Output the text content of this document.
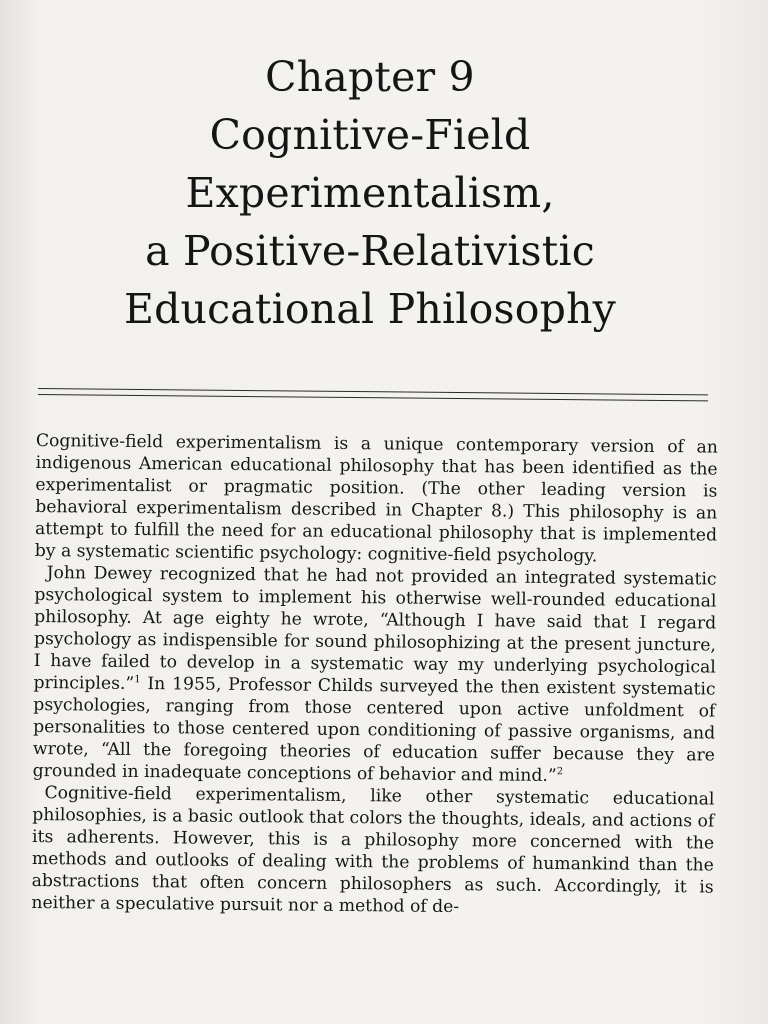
Chapter 9
Cognitive-Field
Experimentalism,
a Positive-Relativistic
Educational Philosophy

Cognitive-field experimentalism is a unique contemporary version of an indigenous American educational philosophy that has been identified as the experimentalist or pragmatic position. (The other leading version is behavioral experimentalism described in Chapter 8.) This philosophy is an attempt to fulfill the need for an educational philosophy that is implemented by a systematic scientific psychology: cognitive-field psychology.

John Dewey recognized that he had not provided an integrated systematic psychological system to implement his otherwise well-rounded educational philosophy. At age eighty he wrote, “Although I have said that I regard psychology as indispensible for sound philosophizing at the present juncture, I have failed to develop in a systematic way my underlying psychological principles.”$^1$ In 1955, Professor Childs surveyed the then existent systematic psychologies, ranging from those centered upon active unfoldment of personalities to those centered upon conditioning of passive organisms, and wrote, “All the foregoing theories of education suffer because they are grounded in inadequate conceptions of behavior and mind.”$^2$

Cognitive-field experimentalism, like other systematic educational philosophies, is a basic outlook that colors the thoughts, ideals, and actions of its adherents. However, this is a philosophy more concerned with the methods and outlooks of dealing with the problems of humankind than the abstractions that often concern philosophers as such. Accordingly, it is neither a speculative pursuit nor a method of de-
